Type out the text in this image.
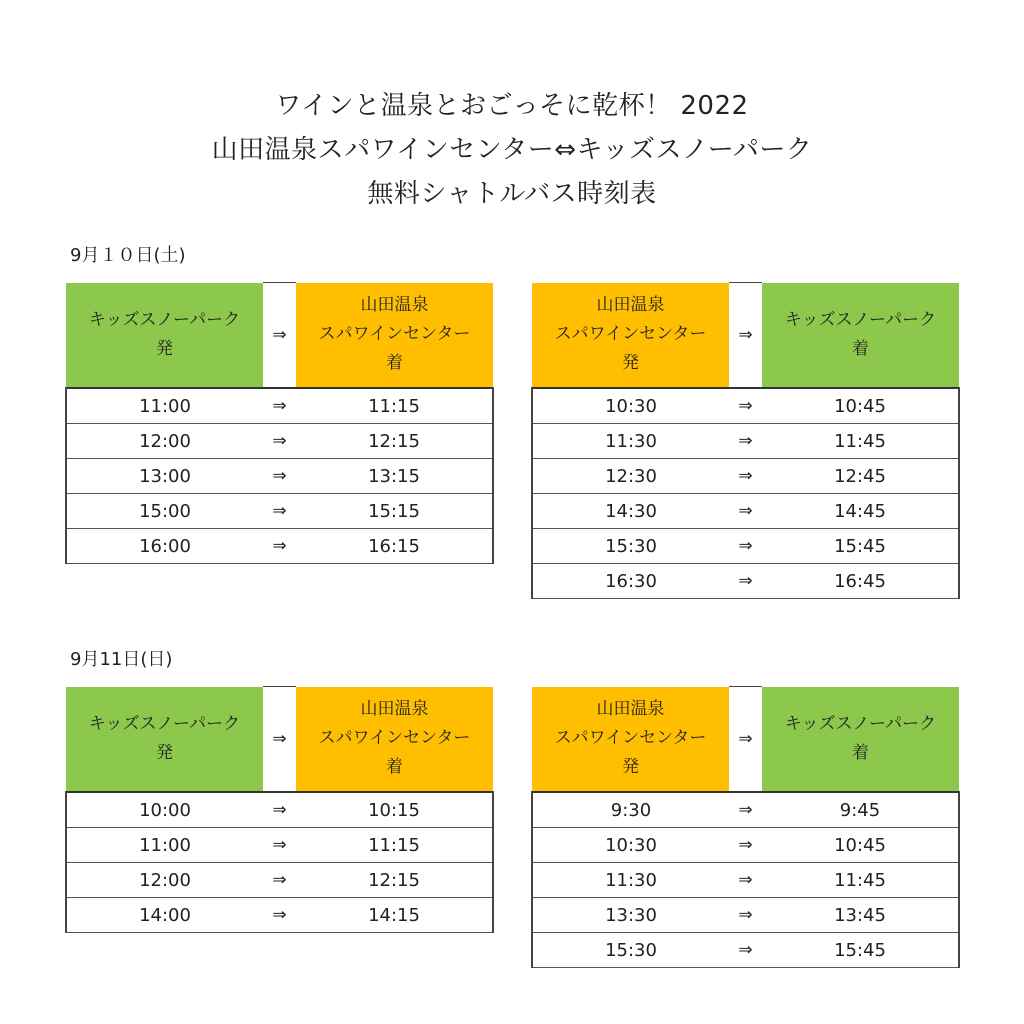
ワインと温泉とおごっそに乾杯！ 2022
山田温泉スパワインセンター⇔キッズスノーパーク
無料シャトルバス時刻表
9月１０日(土)
キッズスノーパーク
発	⇒	山田温泉
スパワインセンター
着

11:00	⇒	11:15
12:00	⇒	12:15
13:00	⇒	13:15
15:00	⇒	15:15
16:00	⇒	16:15
山田温泉
スパワインセンター
発	⇒	キッズスノーパーク
着

10:30	⇒	10:45
11:30	⇒	11:45
12:30	⇒	12:45
14:30	⇒	14:45
15:30	⇒	15:45
16:30	⇒	16:45
9月11日(日)
キッズスノーパーク
発	⇒	山田温泉
スパワインセンター
着

10:00	⇒	10:15
11:00	⇒	11:15
12:00	⇒	12:15
14:00	⇒	14:15
山田温泉
スパワインセンター
発	⇒	キッズスノーパーク
着

9:30	⇒	9:45
10:30	⇒	10:45
11:30	⇒	11:45
13:30	⇒	13:45
15:30	⇒	15:45
